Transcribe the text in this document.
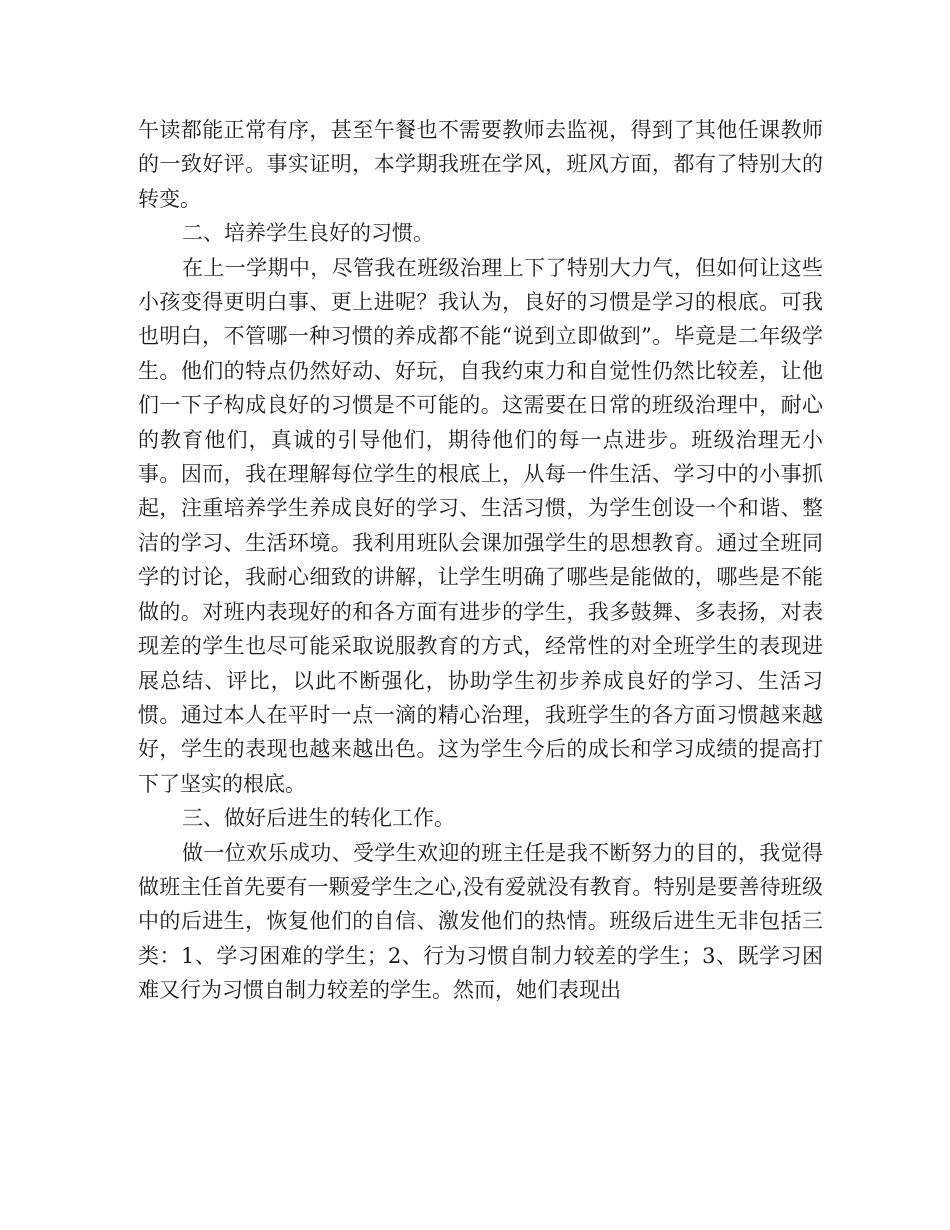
午读都能正常有序，甚至午餐也不需要教师去监视，得到了其他任课教师的一致好评。事实证明，本学期我班在学风，班风方面，都有了特别大的转变。

二、培养学生良好的习惯。

在上一学期中，尽管我在班级治理上下了特别大力气，但如何让这些小孩变得更明白事、更上进呢？我认为，良好的习惯是学习的根底。可我也明白，不管哪一种习惯的养成都不能“说到立即做到”。毕竟是二年级学生。他们的特点仍然好动、好玩，自我约束力和自觉性仍然比较差，让他们一下子构成良好的习惯是不可能的。这需要在日常的班级治理中，耐心的教育他们，真诚的引导他们，期待他们的每一点进步。班级治理无小事。因而，我在理解每位学生的根底上，从每一件生活、学习中的小事抓起，注重培养学生养成良好的学习、生活习惯，为学生创设一个和谐、整洁的学习、生活环境。我利用班队会课加强学生的思想教育。通过全班同学的讨论，我耐心细致的讲解，让学生明确了哪些是能做的，哪些是不能做的。对班内表现好的和各方面有进步的学生，我多鼓舞、多表扬，对表现差的学生也尽可能采取说服教育的方式，经常性的对全班学生的表现进展总结、评比，以此不断强化，协助学生初步养成良好的学习、生活习惯。通过本人在平时一点一滴的精心治理，我班学生的各方面习惯越来越好，学生的表现也越来越出色。这为学生今后的成长和学习成绩的提高打下了坚实的根底。

三、做好后进生的转化工作。

做一位欢乐成功、受学生欢迎的班主任是我不断努力的目的，我觉得做班主任首先要有一颗爱学生之心,没有爱就没有教育。特别是要善待班级中的后进生，恢复他们的自信、激发他们的热情。班级后进生无非包括三类：1、学习困难的学生；2、行为习惯自制力较差的学生；3、既学习困难又行为习惯自制力较差的学生。然而，她们表现出
